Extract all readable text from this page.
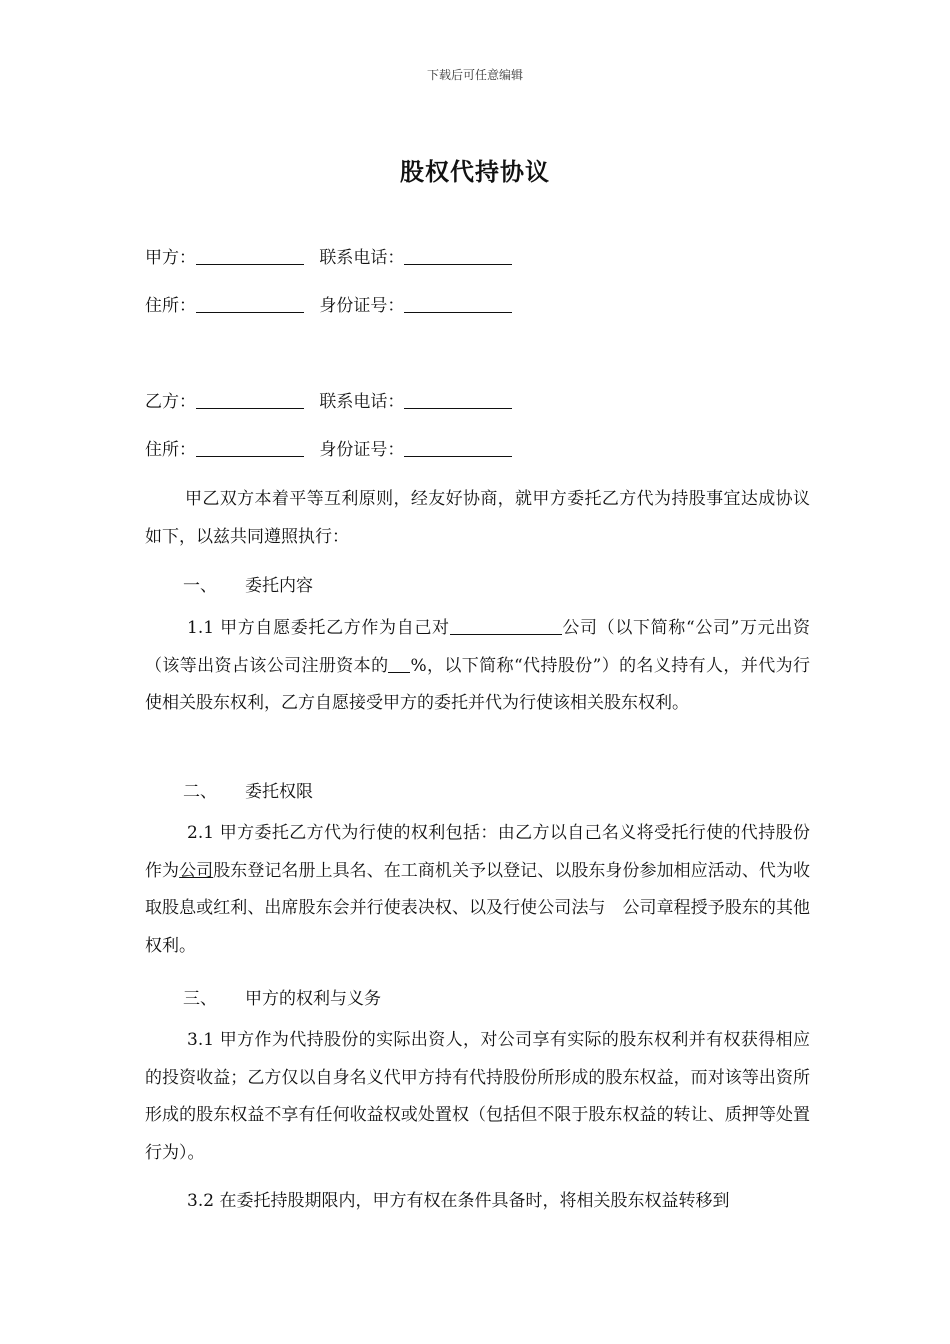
下载后可任意编辑
股权代持协议
甲方：	联系电话：
住所：	身份证号：
乙方：	联系电话：
住所：	身份证号：

甲乙双方本着平等互利原则，经友好协商，就甲方委托乙方代为持股事宜达成协议如下，以兹共同遵照执行：

一、 委托内容

1.1 甲方自愿委托乙方作为自己对	公司（以下简称“公司”万元出资（该等出资占该公司注册资本的 %，以下简称“代持股份”）的名义持有人，并代为行使相关股东权利，乙方自愿接受甲方的委托并代为行使该相关股东权利。

二、 委托权限

2.1 甲方委托乙方代为行使的权利包括：由乙方以自己名义将受托行使的代持股份作为公司股东登记名册上具名、在工商机关予以登记、以股东身份参加相应活动、代为收取股息或红利、出席股东会并行使表决权、以及行使公司法与　公司章程授予股东的其他权利。

三、 甲方的权利与义务

3.1 甲方作为代持股份的实际出资人，对公司享有实际的股东权利并有权获得相应的投资收益；乙方仅以自身名义代甲方持有代持股份所形成的股东权益，而对该等出资所形成的股东权益不享有任何收益权或处置权（包括但不限于股东权益的转让、质押等处置行为）。

3.2 在委托持股期限内，甲方有权在条件具备时，将相关股东权益转移到
